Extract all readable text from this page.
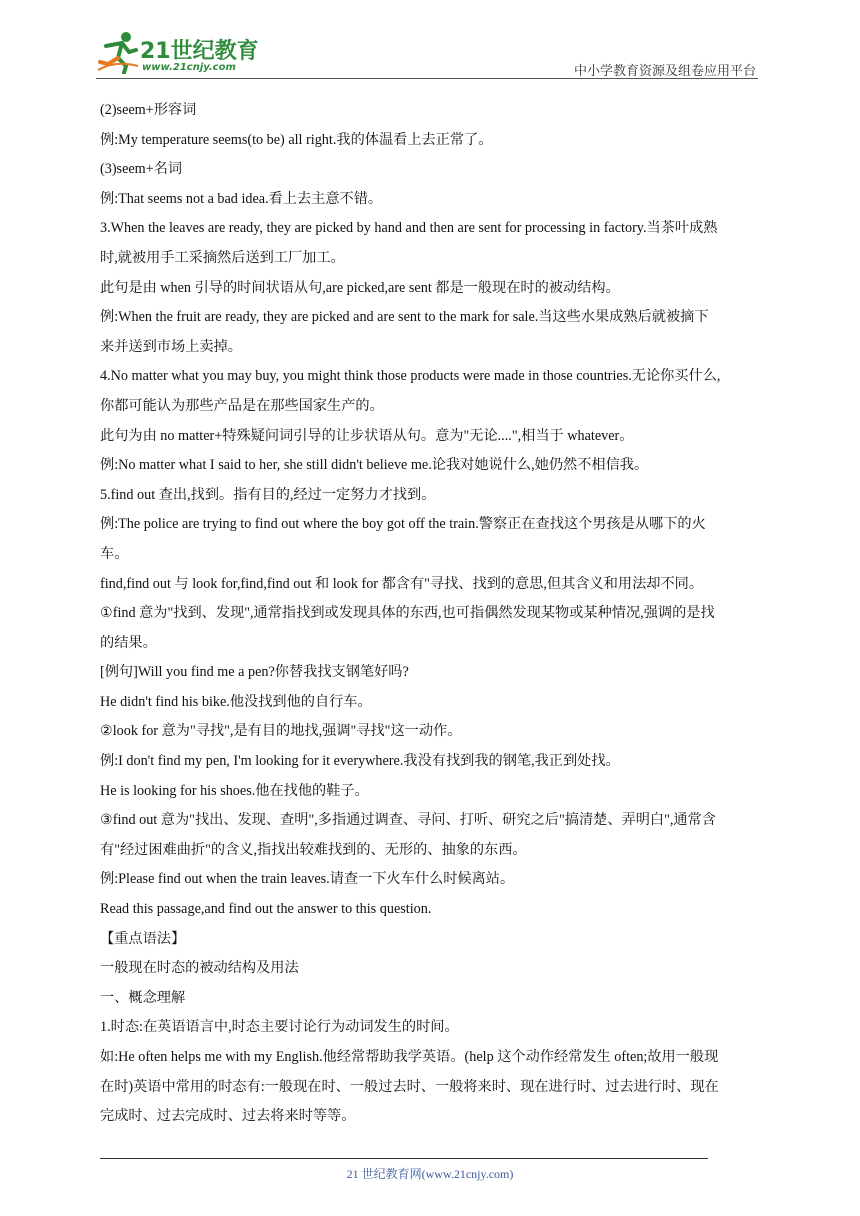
21世纪教育
www.21cnjy.com	中小学教育资源及组卷应用平台
(2)seem+形容词
例:My temperature seems(to be) all right.我的体温看上去正常了。
(3)seem+名词
例:That seems not a bad idea.看上去主意不错。
3.When the leaves are ready, they are picked by hand and then are sent for processing in factory.当茶叶成熟
时,就被用手工采摘然后送到工厂加工。
此句是由 when 引导的时间状语从句,are picked,are sent 都是一般现在时的被动结构。
例:When the fruit are ready, they are picked and are sent to the mark for sale.当这些水果成熟后就被摘下
来并送到市场上卖掉。
4.No matter what you may buy, you might think those products were made in those countries.无论你买什么,
你都可能认为那些产品是在那些国家生产的。
此句为由 no matter+特殊疑问词引导的让步状语从句。意为"无论....",相当于 whatever。
例:No matter what I said to her, she still didn't believe me.论我对她说什么,她仍然不相信我。
5.find out 查出,找到。指有目的,经过一定努力才找到。
例:The police are trying to find out where the boy got off the train.警察正在查找这个男孩是从哪下的火
车。
find,find out 与 look for,find,find out 和 look for 都含有"寻找、找到的意思,但其含义和用法却不同。
①find 意为"找到、发现",通常指找到或发现具体的东西,也可指偶然发现某物或某种情况,强调的是找
的结果。
[例句]Will you find me a pen?你替我找支钢笔好吗?
He didn't find his bike.他没找到他的自行车。
②look for 意为"寻找",是有目的地找,强调"寻找"这一动作。
例:I don't find my pen, I'm looking for it everywhere.我没有找到我的钢笔,我正到处找。
He is looking for his shoes.他在找他的鞋子。
③find out 意为"找出、发现、查明",多指通过调查、寻问、打听、研究之后"搞清楚、弄明白",通常含
有"经过困难曲折"的含义,指找出较难找到的、无形的、抽象的东西。
例:Please find out when the train leaves.请查一下火车什么时候离站。
Read this passage,and find out the answer to this question.
【重点语法】
一般现在时态的被动结构及用法
一、概念理解
1.时态:在英语语言中,时态主要讨论行为动词发生的时间。
如:He often helps me with my English.他经常帮助我学英语。(help 这个动作经常发生 often;故用一般现
在时)英语中常用的时态有:一般现在时、一般过去时、一般将来时、现在进行时、过去进行时、现在
完成时、过去完成时、过去将来时等等。
21 世纪教育网(www.21cnjy.com)
